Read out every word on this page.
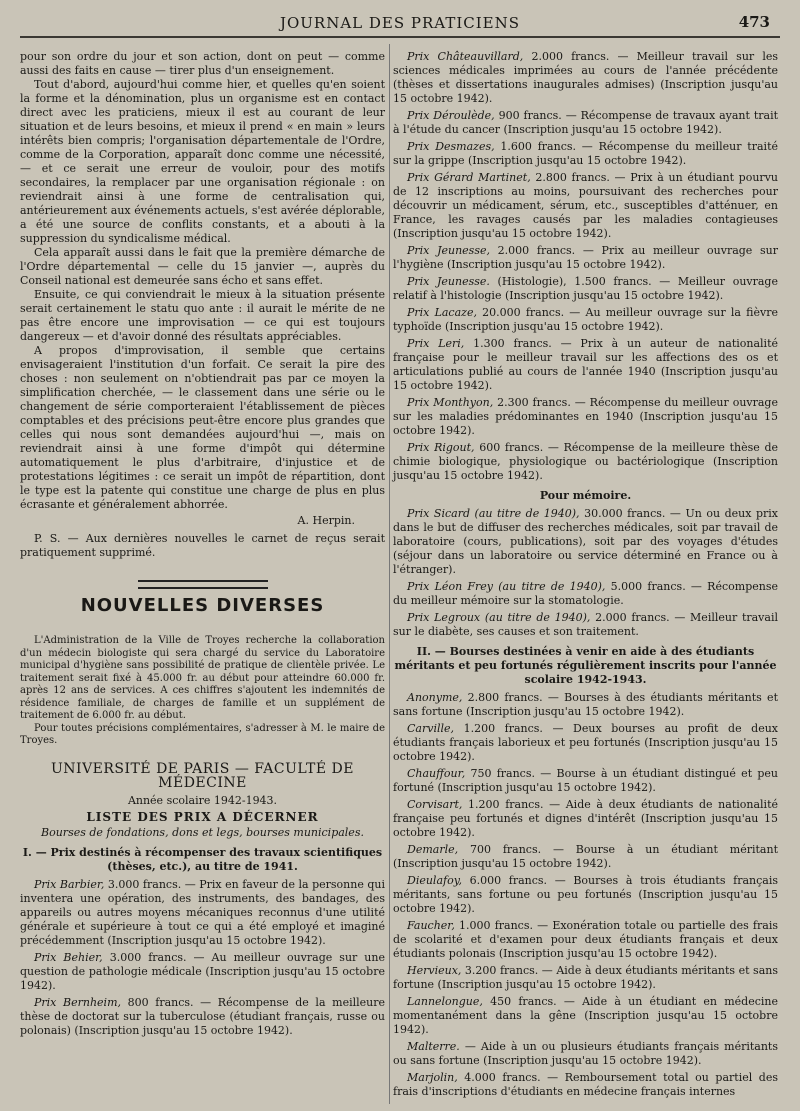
JOURNAL DES PRATICIENS	473

pour son ordre du jour et son action, dont on peut — comme aussi des faits en cause — tirer plus d'un enseignement.

Tout d'abord, aujourd'hui comme hier, et quelles qu'en soient la forme et la dénomination, plus un organisme est en contact direct avec les praticiens, mieux il est au courant de leur situation et de leurs besoins, et mieux il prend « en main » leurs intérêts bien compris; l'organisation départementale de l'Ordre, comme de la Corporation, apparaît donc comme une nécessité, — et ce serait une erreur de vouloir, pour des motifs secondaires, la remplacer par une organisation régionale : on reviendrait ainsi à une forme de centralisation qui, antérieurement aux événements actuels, s'est avérée déplorable, a été une source de conflits constants, et a abouti à la suppression du syndicalisme médical.

Cela apparaît aussi dans le fait que la première démarche de l'Ordre départemental — celle du 15 janvier —, auprès du Conseil national est demeurée sans écho et sans effet.

Ensuite, ce qui conviendrait le mieux à la situation présente serait certainement le statu quo ante : il aurait le mérite de ne pas être encore une improvisation — ce qui est toujours dangereux — et d'avoir donné des résultats appréciables.

A propos d'improvisation, il semble que certains envisageraient l'institution d'un forfait. Ce serait la pire des choses : non seulement on n'obtiendrait pas par ce moyen la simplification cherchée, — le classement dans une série ou le changement de série comporteraient l'établissement de pièces comptables et des précisions peut-être encore plus grandes que celles qui nous sont demandées aujourd'hui —, mais on reviendrait ainsi à une forme d'impôt qui détermine automatiquement le plus d'arbitraire, d'injustice et de protestations légitimes : ce serait un impôt de répartition, dont le type est la patente qui constitue une charge de plus en plus écrasante et généralement abhorrée.

A. Herpin.

P. S. — Aux dernières nouvelles le carnet de reçus serait pratiquement supprimé.

NOUVELLES DIVERSES

L'Administration de la Ville de Troyes recherche la collaboration d'un médecin biologiste qui sera chargé du service du Laboratoire municipal d'hygiène sans possibilité de pratique de clientèle privée. Le traitement serait fixé à 45.000 fr. au début pour atteindre 60.000 fr. après 12 ans de services. A ces chiffres s'ajoutent les indemnités de résidence familiale, de charges de famille et un supplément de traitement de 6.000 fr. au début.

Pour toutes précisions complémentaires, s'adresser à M. le maire de Troyes.

UNIVERSITÉ DE PARIS — FACULTÉ DE MÉDECINE
Année scolaire 1942-1943.
LISTE DES PRIX A DÉCERNER
Bourses de fondations, dons et legs, bourses municipales.
I. — Prix destinés à récompenser des travaux scientifiques (thèses, etc.), au titre de 1941.

Prix Barbier, 3.000 francs. — Prix en faveur de la personne qui inventera une opération, des instruments, des bandages, des appareils ou autres moyens mécaniques reconnus d'une utilité générale et supérieure à tout ce qui a été employé et imaginé précédemment (Inscription jusqu'au 15 octobre 1942).

Prix Behier, 3.000 francs. — Au meilleur ouvrage sur une question de pathologie médicale (Inscription jusqu'au 15 octobre 1942).

Prix Bernheim, 800 francs. — Récompense de la meilleure thèse de doctorat sur la tuberculose (étudiant français, russe ou polonais) (Inscription jusqu'au 15 octobre 1942).

Prix Châteauvillard, 2.000 francs. — Meilleur travail sur les sciences médicales imprimées au cours de l'année précédente (thèses et dissertations inaugurales admises) (Inscription jusqu'au 15 octobre 1942).

Prix Déroulède, 900 francs. — Récompense de travaux ayant trait à l'étude du cancer (Inscription jusqu'au 15 octobre 1942).

Prix Desmazes, 1.600 francs. — Récompense du meilleur traité sur la grippe (Inscription jusqu'au 15 octobre 1942).

Prix Gérard Martinet, 2.800 francs. — Prix à un étudiant pourvu de 12 inscriptions au moins, poursuivant des recherches pour découvrir un médicament, sérum, etc., susceptibles d'atténuer, en France, les ravages causés par les maladies contagieuses (Inscription jusqu'au 15 octobre 1942).

Prix Jeunesse, 2.000 francs. — Prix au meilleur ouvrage sur l'hygiène (Inscription jusqu'au 15 octobre 1942).

Prix Jeunesse. (Histologie), 1.500 francs. — Meilleur ouvrage relatif à l'histologie (Inscription jusqu'au 15 octobre 1942).

Prix Lacaze, 20.000 francs. — Au meilleur ouvrage sur la fièvre typhoïde (Inscription jusqu'au 15 octobre 1942).

Prix Leri, 1.300 francs. — Prix à un auteur de nationalité française pour le meilleur travail sur les affections des os et articulations publié au cours de l'année 1940 (Inscription jusqu'au 15 octobre 1942).

Prix Monthyon, 2.300 francs. — Récompense du meilleur ouvrage sur les maladies prédominantes en 1940 (Inscription jusqu'au 15 octobre 1942).

Prix Rigout, 600 francs. — Récompense de la meilleure thèse de chimie biologique, physiologique ou bactériologique (Inscription jusqu'au 15 octobre 1942).

Pour mémoire.

Prix Sicard (au titre de 1940), 30.000 francs. — Un ou deux prix dans le but de diffuser des recherches médicales, soit par travail de laboratoire (cours, publications), soit par des voyages d'études (séjour dans un laboratoire ou service déterminé en France ou à l'étranger).

Prix Léon Frey (au titre de 1940), 5.000 francs. — Récompense du meilleur mémoire sur la stomatologie.

Prix Legroux (au titre de 1940), 2.000 francs. — Meilleur travail sur le diabète, ses causes et son traitement.

II. — Bourses destinées à venir en aide à des étudiants méritants et peu fortunés régulièrement inscrits pour l'année scolaire 1942-1943.

Anonyme, 2.800 francs. — Bourses à des étudiants méritants et sans fortune (Inscription jusqu'au 15 octobre 1942).

Carville, 1.200 francs. — Deux bourses au profit de deux étudiants français laborieux et peu fortunés (Inscription jusqu'au 15 octobre 1942).

Chauffour, 750 francs. — Bourse à un étudiant distingué et peu fortuné (Inscription jusqu'au 15 octobre 1942).

Corvisart, 1.200 francs. — Aide à deux étudiants de nationalité française peu fortunés et dignes d'intérêt (Inscription jusqu'au 15 octobre 1942).

Demarle, 700 francs. — Bourse à un étudiant méritant (Inscription jusqu'au 15 octobre 1942).

Dieulafoy, 6.000 francs. — Bourses à trois étudiants français méritants, sans fortune ou peu fortunés (Inscription jusqu'au 15 octobre 1942).

Faucher, 1.000 francs. — Exonération totale ou partielle des frais de scolarité et d'examen pour deux étudiants français et deux étudiants polonais (Inscription jusqu'au 15 octobre 1942).

Hervieux, 3.200 francs. — Aide à deux étudiants méritants et sans fortune (Inscription jusqu'au 15 octobre 1942).

Lannelongue, 450 francs. — Aide à un étudiant en médecine momentanément dans la gêne (Inscription jusqu'au 15 octobre 1942).

Malterre. — Aide à un ou plusieurs étudiants français méritants ou sans fortune (Inscription jusqu'au 15 octobre 1942).

Marjolin, 4.000 francs. — Remboursement total ou partiel des frais d'inscriptions d'étudiants en médecine français internes
